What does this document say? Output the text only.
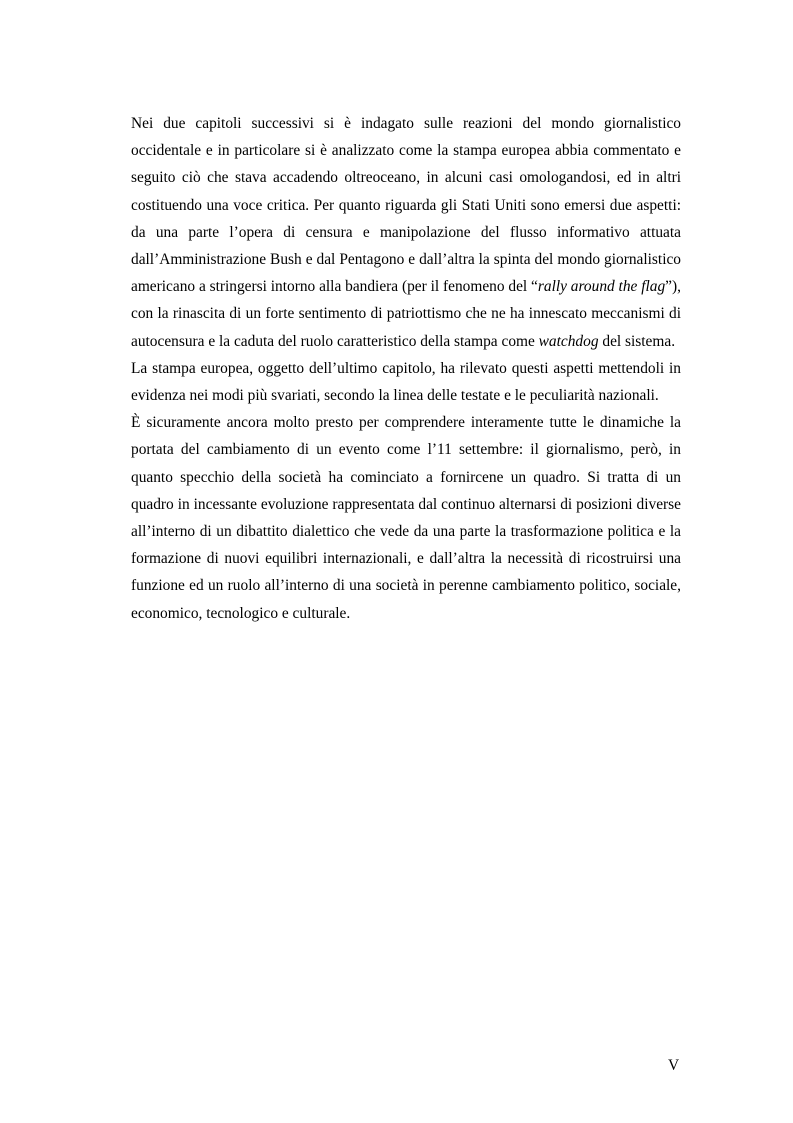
Nei due capitoli successivi si è indagato sulle reazioni del mondo giornalistico occidentale e in particolare si è analizzato come la stampa europea abbia commentato e seguito ciò che stava accadendo oltreoceano, in alcuni casi omologandosi, ed in altri costituendo una voce critica. Per quanto riguarda gli Stati Uniti sono emersi due aspetti: da una parte l’opera di censura e manipolazione del flusso informativo attuata dall’Amministrazione Bush e dal Pentagono e dall’altra la spinta del mondo giornalistico americano a stringersi intorno alla bandiera (per il fenomeno del “rally around the flag”), con la rinascita di un forte sentimento di patriottismo che ne ha innescato meccanismi di autocensura e la caduta del ruolo caratteristico della stampa come watchdog del sistema.

La stampa europea, oggetto dell’ultimo capitolo, ha rilevato questi aspetti mettendoli in evidenza nei modi più svariati, secondo la linea delle testate e le peculiarità nazionali.

È sicuramente ancora molto presto per comprendere interamente tutte le dinamiche la portata del cambiamento di un evento come l’11 settembre: il giornalismo, però, in quanto specchio della società ha cominciato a fornircene un quadro. Si tratta di un quadro in incessante evoluzione rappresentata dal continuo alternarsi di posizioni diverse all’interno di un dibattito dialettico che vede da una parte la trasformazione politica e la formazione di nuovi equilibri internazionali, e dall’altra la necessità di ricostruirsi una funzione ed un ruolo all’interno di una società in perenne cambiamento politico, sociale, economico, tecnologico e culturale.

V
